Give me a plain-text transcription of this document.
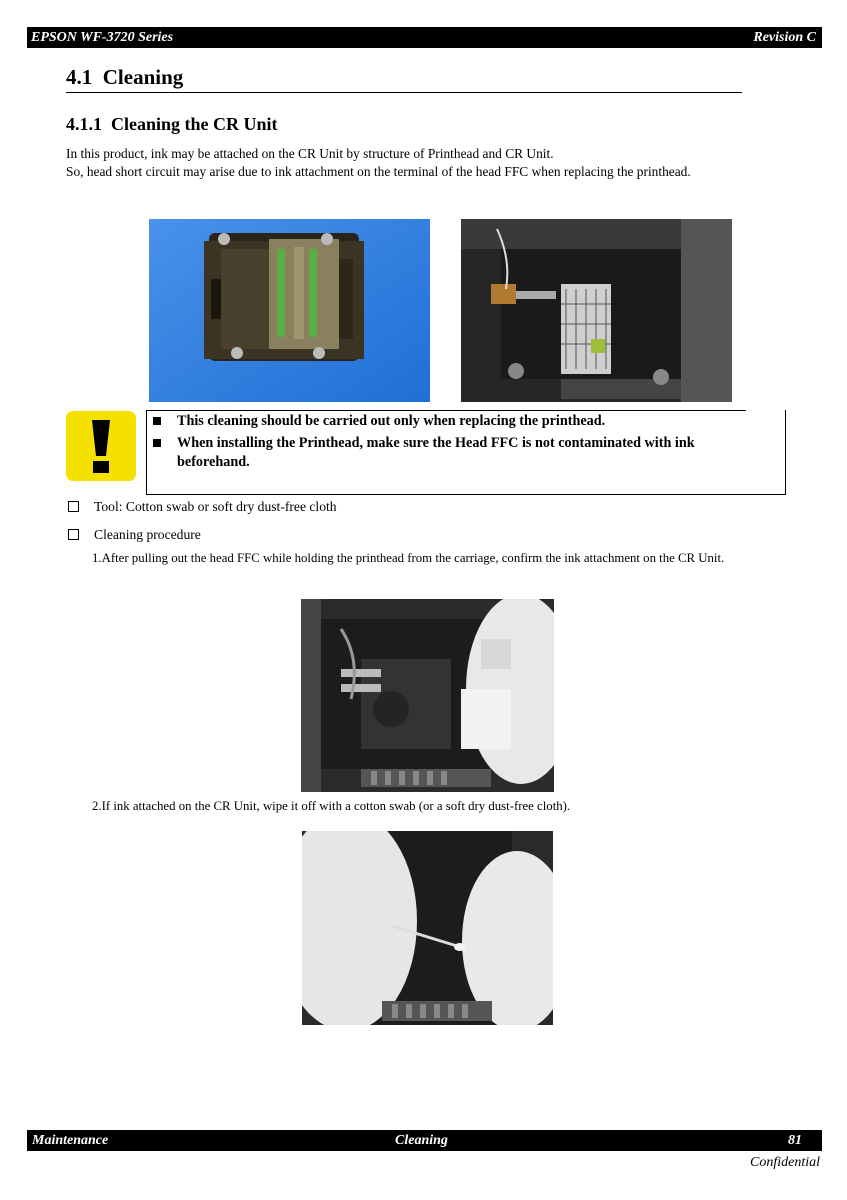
EPSON WF-3720 Series	Revision C
4.1 Cleaning
4.1.1 Cleaning the CR Unit

In this product, ink may be attached on the CR Unit by structure of Printhead and CR Unit.
So, head short circuit may arise due to ink attachment on the terminal of the head FFC when replacing the printhead.

This cleaning should be carried out only when replacing the printhead.
When installing the Printhead, make sure the Head FFC is not contaminated with ink beforehand.
Tool: Cotton swab or soft dry dust-free cloth
Cleaning procedure
1.After pulling out the head FFC while holding the printhead from the carriage, confirm the ink attachment on the CR Unit.
2.If ink attached on the CR Unit, wipe it off with a cotton swab (or a soft dry dust-free cloth).
Maintenance	Cleaning	81
Confidential
